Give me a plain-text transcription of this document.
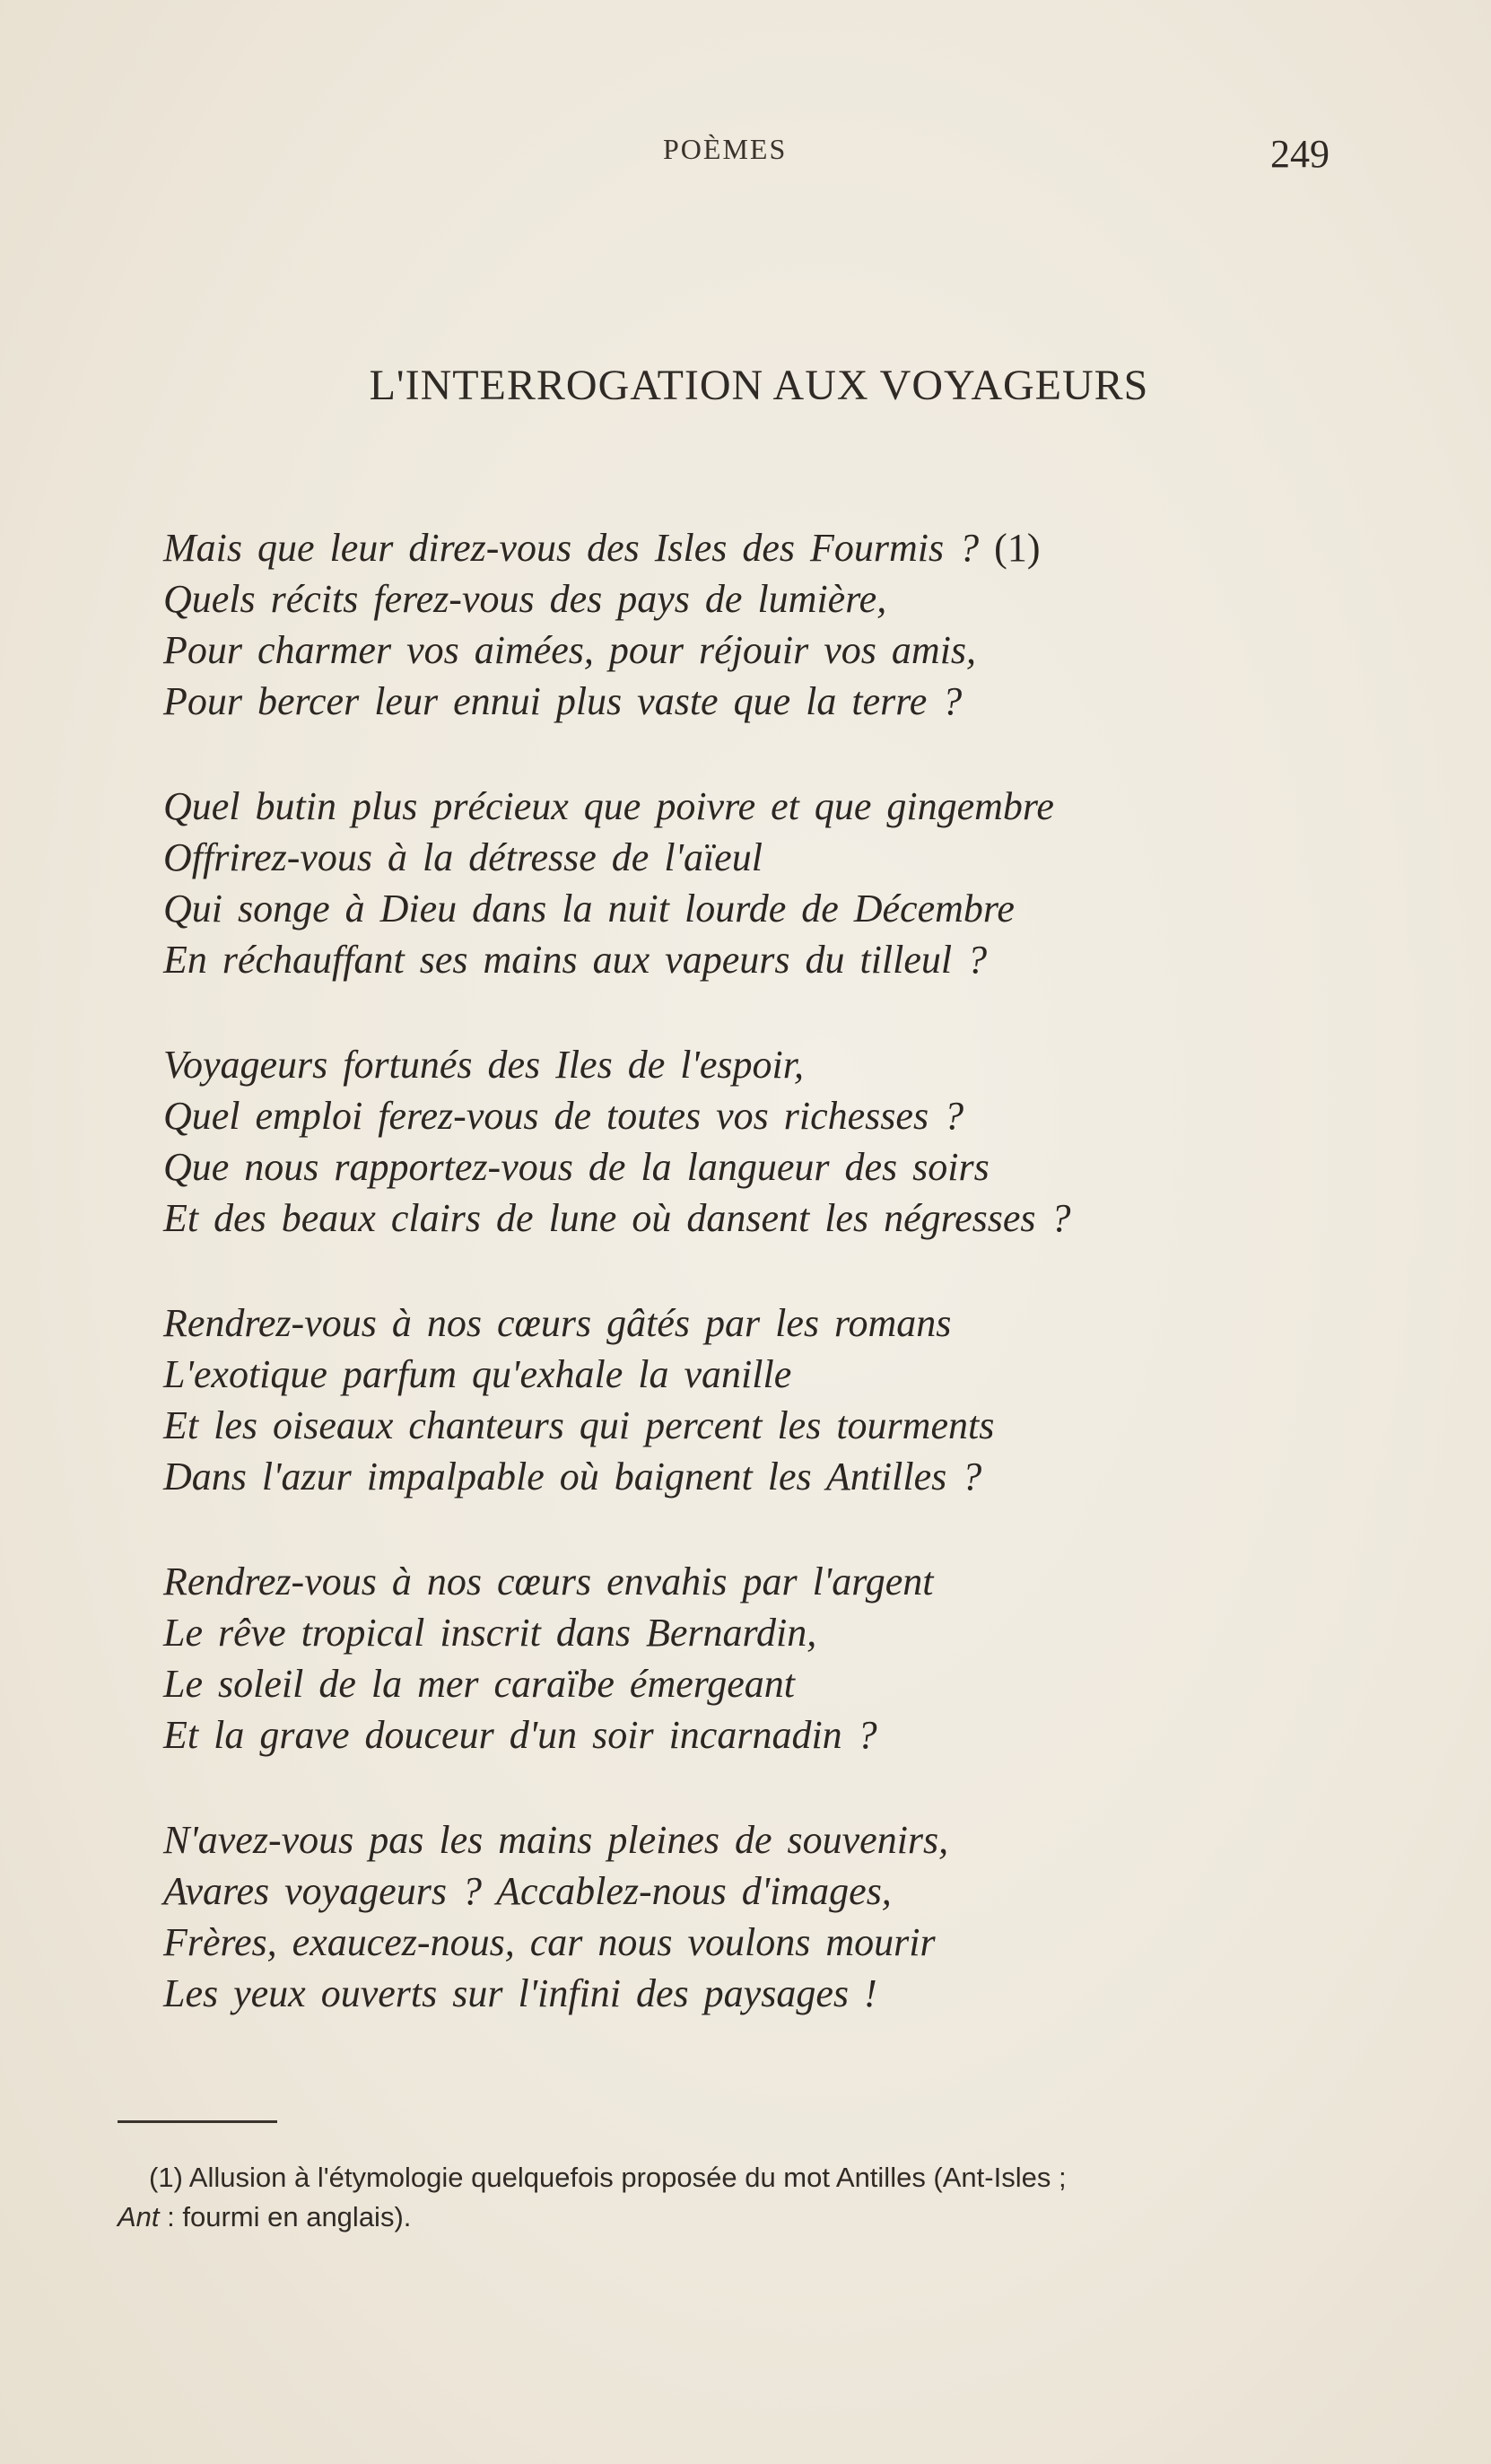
POÈMES	249
L'INTERROGATION AUX VOYAGEURS
Mais que leur direz-vous des Isles des Fourmis ? (1)
Quels récits ferez-vous des pays de lumière,
Pour charmer vos aimées, pour réjouir vos amis,
Pour bercer leur ennui plus vaste que la terre ?
Quel butin plus précieux que poivre et que gingembre
Offrirez-vous à la détresse de l'aïeul
Qui songe à Dieu dans la nuit lourde de Décembre
En réchauffant ses mains aux vapeurs du tilleul ?
Voyageurs fortunés des Iles de l'espoir,
Quel emploi ferez-vous de toutes vos richesses ?
Que nous rapportez-vous de la langueur des soirs
Et des beaux clairs de lune où dansent les négresses ?
Rendrez-vous à nos cœurs gâtés par les romans
L'exotique parfum qu'exhale la vanille
Et les oiseaux chanteurs qui percent les tourments
Dans l'azur impalpable où baignent les Antilles ?
Rendrez-vous à nos cœurs envahis par l'argent
Le rêve tropical inscrit dans Bernardin,
Le soleil de la mer caraïbe émergeant
Et la grave douceur d'un soir incarnadin ?
N'avez-vous pas les mains pleines de souvenirs,
Avares voyageurs ? Accablez-nous d'images,
Frères, exaucez-nous, car nous voulons mourir
Les yeux ouverts sur l'infini des paysages !
(1) Allusion à l'étymologie quelquefois proposée du mot Antilles (Ant-Isles ;
Ant : fourmi en anglais).
